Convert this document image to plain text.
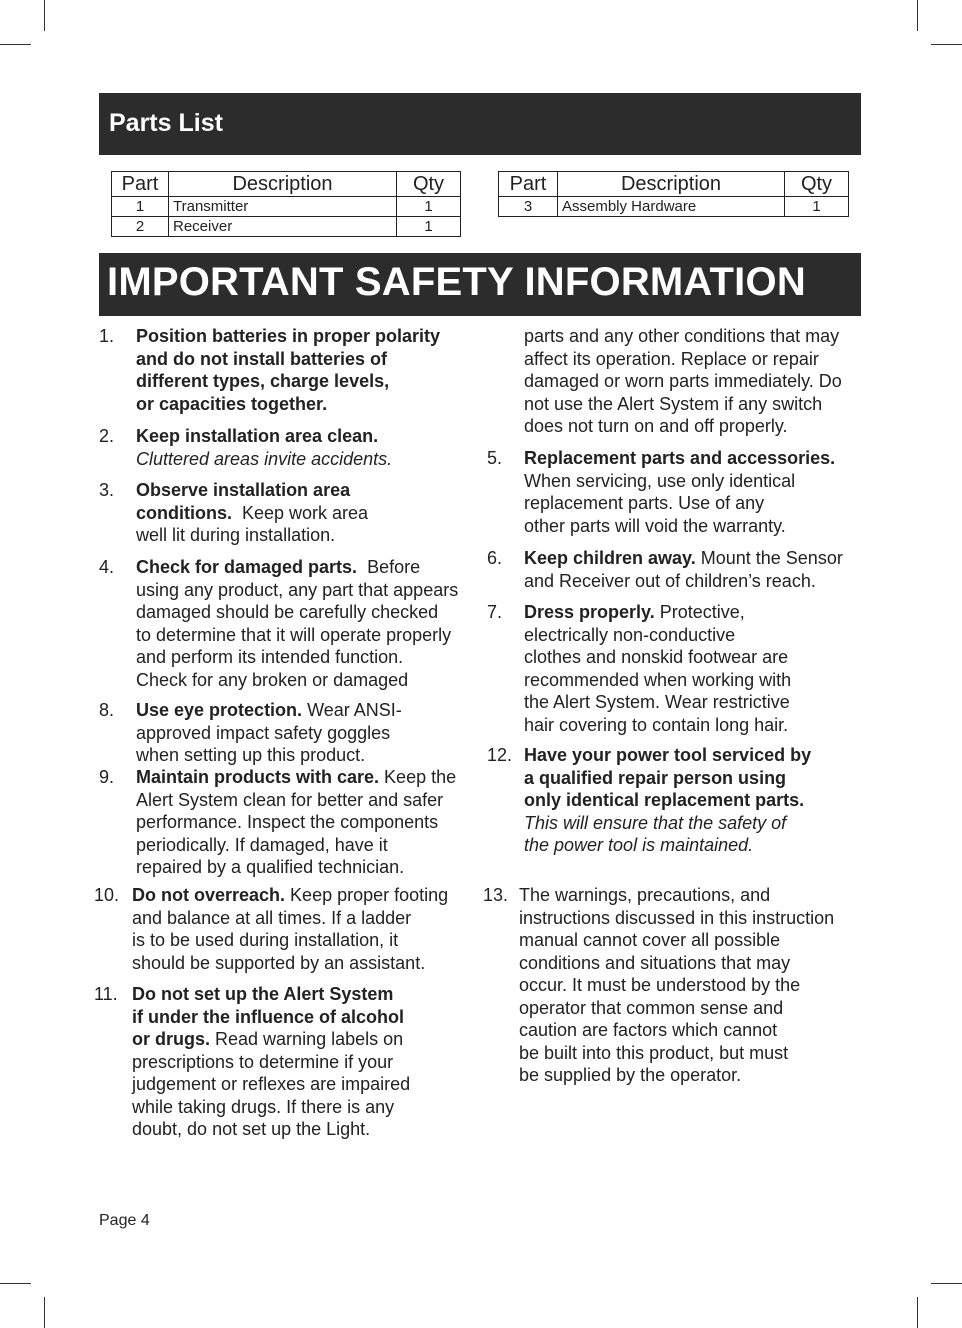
Parts List
Part	Description	Qty
1	Transmitter	1
2	Receiver	1
Part	Description	Qty
3	Assembly Hardware	1
IMPORTANT SAFETY INFORMATION
1. Position batteries in proper polarity
and do not install batteries of
different types, charge levels,
or capacities together.
2. Keep installation area clean.
Cluttered areas invite accidents.
3. Observe installation area
conditions.  Keep work area
well lit during installation.
4. Check for damaged parts.  Before
using any product, any part that appears
damaged should be carefully checked
to determine that it will operate properly
and perform its intended function.
Check for any broken or damaged
8. Use eye protection. Wear ANSI-
approved impact safety goggles
when setting up this product.
9. Maintain products with care. Keep the
Alert System clean for better and safer
performance. Inspect the components
periodically. If damaged, have it
repaired by a qualified technician.
10. Do not overreach. Keep proper footing
and balance at all times. If a ladder
is to be used during installation, it
should be supported by an assistant.
11. Do not set up the Alert System
if under the influence of alcohol
or drugs. Read warning labels on
prescriptions to determine if your
judgement or reflexes are impaired
while taking drugs. If there is any
doubt, do not set up the Light.
parts and any other conditions that may
affect its operation. Replace or repair
damaged or worn parts immediately. Do
not use the Alert System if any switch
does not turn on and off properly.
5. Replacement parts and accessories.
When servicing, use only identical
replacement parts. Use of any
other parts will void the warranty.
6. Keep children away. Mount the Sensor
and Receiver out of children’s reach.
7. Dress properly. Protective,
electrically non-conductive
clothes and nonskid footwear are
recommended when working with
the Alert System. Wear restrictive
hair covering to contain long hair.
12. Have your power tool serviced by
a qualified repair person using
only identical replacement parts.
This will ensure that the safety of
the power tool is maintained.
13. The warnings, precautions, and
instructions discussed in this instruction
manual cannot cover all possible
conditions and situations that may
occur. It must be understood by the
operator that common sense and
caution are factors which cannot
be built into this product, but must
be supplied by the operator.
Page 4
